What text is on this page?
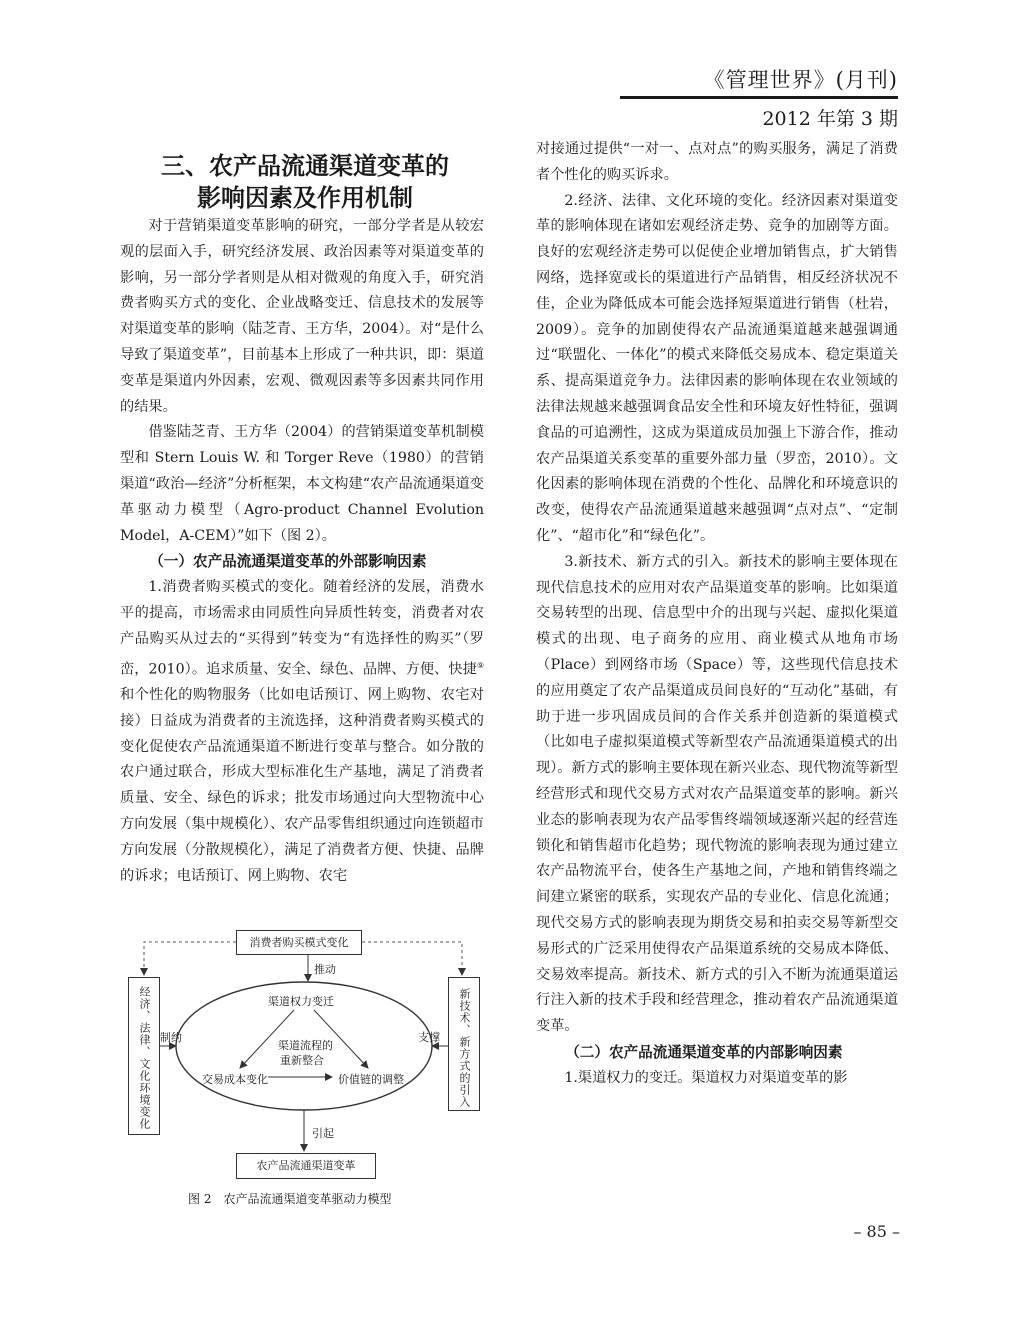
《管理世界》(月刊)
2012 年第 3 期
三、农产品流通渠道变革的
影响因素及作用机制

对于营销渠道变革影响的研究，一部分学者是从较宏观的层面入手，研究经济发展、政治因素等对渠道变革的影响，另一部分学者则是从相对微观的角度入手，研究消费者购买方式的变化、企业战略变迁、信息技术的发展等对渠道变革的影响（陆芝青、王方华，2004）。对“是什么导致了渠道变革”，目前基本上形成了一种共识，即：渠道变革是渠道内外因素，宏观、微观因素等多因素共同作用的结果。

借鉴陆芝青、王方华（2004）的营销渠道变革机制模型和 Stern Louis W. 和 Torger Reve（1980）的营销渠道“政治—经济”分析框架，本文构建“农产品流通渠道变革驱动力模型（Agro-product Channel Evolution Model，A-CEM）”如下（图 2）。

（一）农产品流通渠道变革的外部影响因素

1.消费者购买模式的变化。随着经济的发展，消费水平的提高，市场需求由同质性向异质性转变，消费者对农产品购买从过去的“买得到”转变为“有选择性的购买”（罗峦，2010）。追求质量、安全、绿色、品牌、方便、快捷⑨和个性化的购物服务（比如电话预订、网上购物、农宅对接）日益成为消费者的主流选择，这种消费者购买模式的变化促使农产品流通渠道不断进行变革与整合。如分散的农户通过联合，形成大型标准化生产基地，满足了消费者质量、安全、绿色的诉求；批发市场通过向大型物流中心方向发展（集中规模化）、农产品零售组织通过向连锁超市方向发展（分散规模化），满足了消费者方便、快捷、品牌的诉求；电话预订、网上购物、农宅

消费者购买模式变化
农产品流通渠道变革
经济、法律、文化环境变化	新技术、新方式的引入
推动
制约	支撑
引起
渠道权力变迁
交易成本变化	价值链的调整
渠道流程的
重新整合
图 2　农产品流通渠道变革驱动力模型

对接通过提供“一对一、点对点”的购买服务，满足了消费者个性化的购买诉求。

2.经济、法律、文化环境的变化。经济因素对渠道变革的影响体现在诸如宏观经济走势、竞争的加剧等方面。良好的宏观经济走势可以促使企业增加销售点，扩大销售网络，选择宽或长的渠道进行产品销售，相反经济状况不佳，企业为降低成本可能会选择短渠道进行销售（杜岩，2009）。竞争的加剧使得农产品流通渠道越来越强调通过“联盟化、一体化”的模式来降低交易成本、稳定渠道关系、提高渠道竞争力。法律因素的影响体现在农业领域的法律法规越来越强调食品安全性和环境友好性特征，强调食品的可追溯性，这成为渠道成员加强上下游合作，推动农产品渠道关系变革的重要外部力量（罗峦，2010）。文化因素的影响体现在消费的个性化、品牌化和环境意识的改变，使得农产品流通渠道越来越强调“点对点”、“定制化”、“超市化”和“绿色化”。

3.新技术、新方式的引入。新技术的影响主要体现在现代信息技术的应用对农产品渠道变革的影响。比如渠道交易转型的出现、信息型中介的出现与兴起、虚拟化渠道模式的出现、电子商务的应用、商业模式从地角市场（Place）到网络市场（Space）等，这些现代信息技术的应用奠定了农产品渠道成员间良好的“互动化”基础，有助于进一步巩固成员间的合作关系并创造新的渠道模式（比如电子虚拟渠道模式等新型农产品流通渠道模式的出现）。新方式的影响主要体现在新兴业态、现代物流等新型经营形式和现代交易方式对农产品渠道变革的影响。新兴业态的影响表现为农产品零售终端领域逐渐兴起的经营连锁化和销售超市化趋势；现代物流的影响表现为通过建立农产品物流平台，使各生产基地之间，产地和销售终端之间建立紧密的联系，实现农产品的专业化、信息化流通；现代交易方式的影响表现为期货交易和拍卖交易等新型交易形式的广泛采用使得农产品渠道系统的交易成本降低、交易效率提高。新技术、新方式的引入不断为流通渠道运行注入新的技术手段和经营理念，推动着农产品流通渠道变革。

（二）农产品流通渠道变革的内部影响因素

1.渠道权力的变迁。渠道权力对渠道变革的影

– 85 –
